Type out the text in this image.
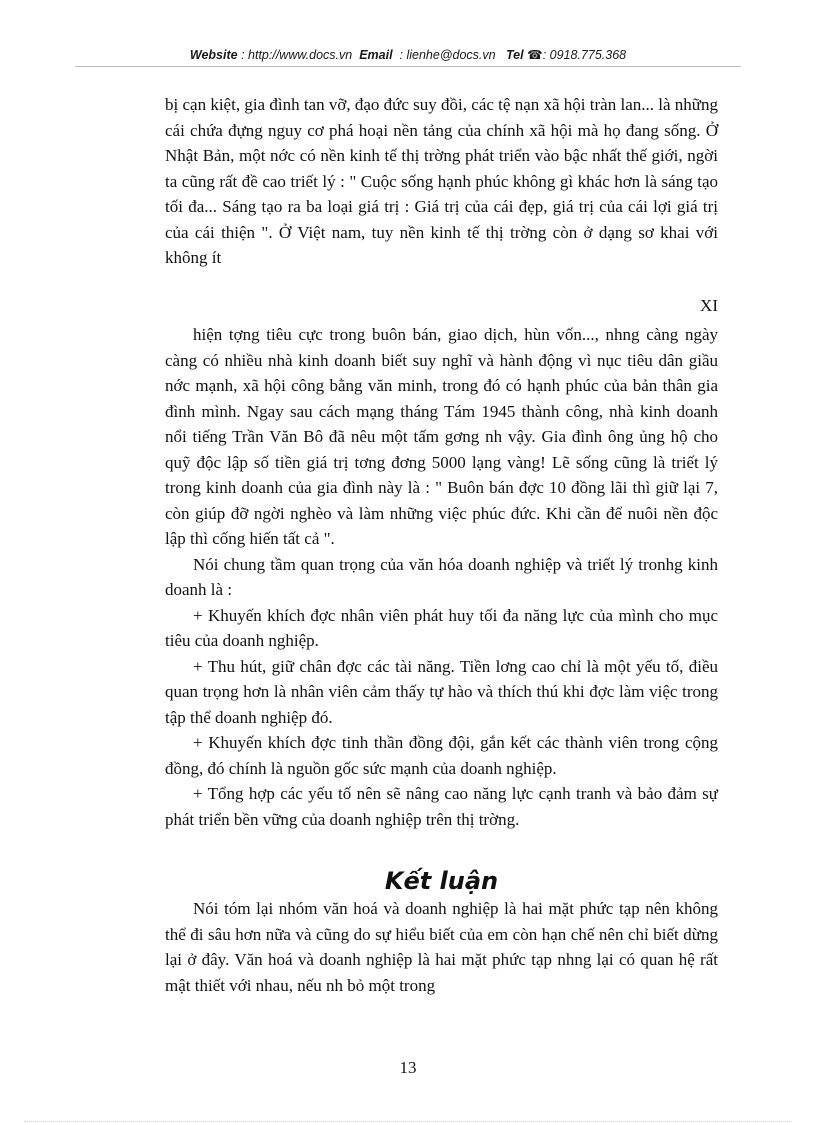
Website : http://www.docs.vn Email : lienhe@docs.vn Tel ☎: 0918.775.368

bị cạn kiệt, gia đình tan vỡ, đạo đức suy đồi, các tệ nạn xã hội tràn lan... là những cái chứa đựng nguy cơ phá hoại nền tảng của chính xã hội mà họ đang sống. Ở Nhật Bản, một nớc có nền kinh tế thị trờng phát triển vào bậc nhất thế giới, ngời ta cũng rất đề cao triết lý : " Cuộc sống hạnh phúc không gì khác hơn là sáng tạo tối đa... Sáng tạo ra ba loại giá trị : Giá trị của cái đẹp, giá trị của cái lợi giá trị của cái thiện ". Ở Việt nam, tuy nền kinh tế thị trờng còn ở dạng sơ khai với không ít

XI

hiện tợng tiêu cực trong buôn bán, giao dịch, hùn vốn..., nhng càng ngày càng có nhiều nhà kinh doanh biết suy nghĩ và hành động vì nục tiêu dân giầu nớc mạnh, xã hội công bằng văn minh, trong đó có hạnh phúc của bản thân gia đình mình. Ngay sau cách mạng tháng Tám 1945 thành công, nhà kinh doanh nổi tiếng Trần Văn Bô đã nêu một tấm gơng nh vậy. Gia đình ông ủng hộ cho quỹ độc lập số tiền giá trị tơng đơng 5000 lạng vàng! Lẽ sống cũng là triết lý trong kinh doanh của gia đình này là : " Buôn bán đợc 10 đồng lãi thì giữ lại 7, còn giúp đỡ ngời nghèo và làm những việc phúc đức. Khi cần để nuôi nền độc lập thì cống hiến tất cả ".

Nói chung tầm quan trọng của văn hóa doanh nghiệp và triết lý tronhg kinh doanh là :

+ Khuyến khích đợc nhân viên phát huy tối đa năng lực của mình cho mục tiêu của doanh nghiệp.

+ Thu hút, giữ chân đợc các tài năng. Tiền lơng cao chỉ là một yếu tố, điều quan trọng hơn là nhân viên cảm thấy tự hào và thích thú khi đợc làm việc trong tập thể doanh nghiệp đó.

+ Khuyến khích đợc tinh thần đồng đội, gắn kết các thành viên trong cộng đồng, đó chính là nguồn gốc sức mạnh của doanh nghiệp.

+ Tổng hợp các yếu tố nên sẽ nâng cao năng lực cạnh tranh và bảo đảm sự phát triển bền vững của doanh nghiệp trên thị trờng.

Kết luận

Nói tóm lại nhóm văn hoá và doanh nghiệp là hai mặt phức tạp nên không thể đi sâu hơn nữa và cũng do sự hiểu biết của em còn hạn chế nên chỉ biết dừng lại ở đây. Văn hoá và doanh nghiệp là hai mặt phức tạp nhng lại có quan hệ rất mật thiết với nhau, nếu nh bỏ một trong

13
